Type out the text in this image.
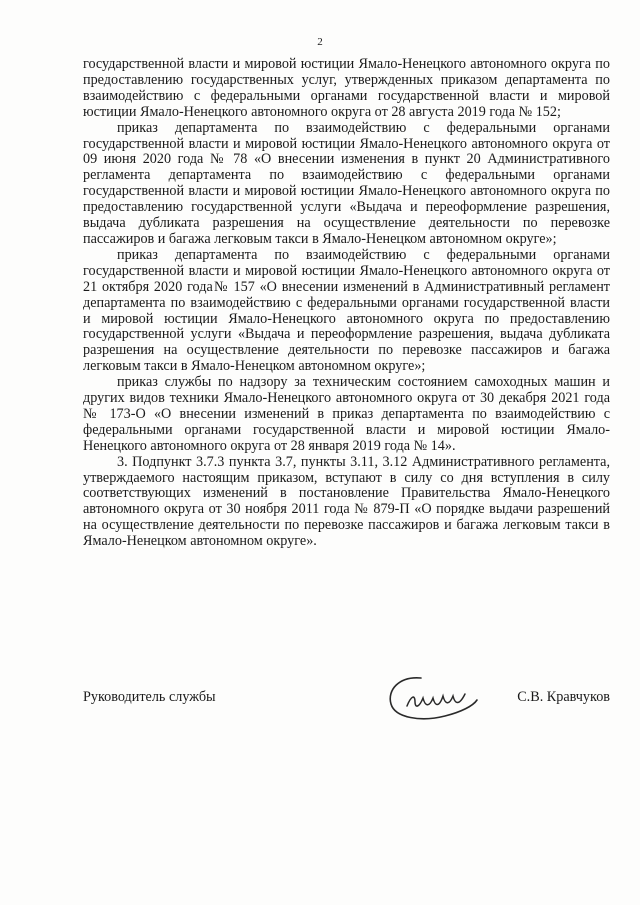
2

государственной власти и мировой юстиции Ямало-Ненецкого автономного округа по предоставлению государственных услуг, утвержденных приказом департамента по взаимодействию с федеральными органами государственной власти и мировой юстиции Ямало-Ненецкого автономного округа от 28 августа 2019 года № 152;

приказ департамента по взаимодействию с федеральными органами государственной власти и мировой юстиции Ямало-Ненецкого автономного округа от 09 июня 2020 года № 78 «О внесении изменения в пункт 20 Административного регламента департамента по взаимодействию с федеральными органами государственной власти и мировой юстиции Ямало-Ненецкого автономного округа по предоставлению государственной услуги «Выдача и переоформление разрешения, выдача дубликата разрешения на осуществление деятельности по перевозке пассажиров и багажа легковым такси в Ямало-Ненецком автономном округе»;

приказ департамента по взаимодействию с федеральными органами государственной власти и мировой юстиции Ямало-Ненецкого автономного округа от 21 октября 2020 года№ 157 «О внесении изменений в Административный регламент департамента по взаимодействию с федеральными органами государственной власти и мировой юстиции Ямало-Ненецкого автономного округа по предоставлению государственной услуги «Выдача и переоформление разрешения, выдача дубликата разрешения на осуществление деятельности по перевозке пассажиров и багажа легковым такси в Ямало-Ненецком автономном округе»;

приказ службы по надзору за техническим состоянием самоходных машин и других видов техники Ямало-Ненецкого автономного округа от 30 декабря 2021 года № 173-О «О внесении изменений в приказ департамента по взаимодействию с федеральными органами государственной власти и мировой юстиции Ямало-Ненецкого автономного округа от 28 января 2019 года № 14».

3. Подпункт 3.7.3 пункта 3.7, пункты 3.11, 3.12 Административного регламента, утверждаемого настоящим приказом, вступают в силу со дня вступления в силу соответствующих изменений в постановление Правительства Ямало-Ненецкого автономного округа от 30 ноября 2011 года № 879-П «О порядке выдачи разрешений на осуществление деятельности по перевозке пассажиров и багажа легковым такси в Ямало-Ненецком автономном округе».

Руководитель службы	С.В. Кравчуков
